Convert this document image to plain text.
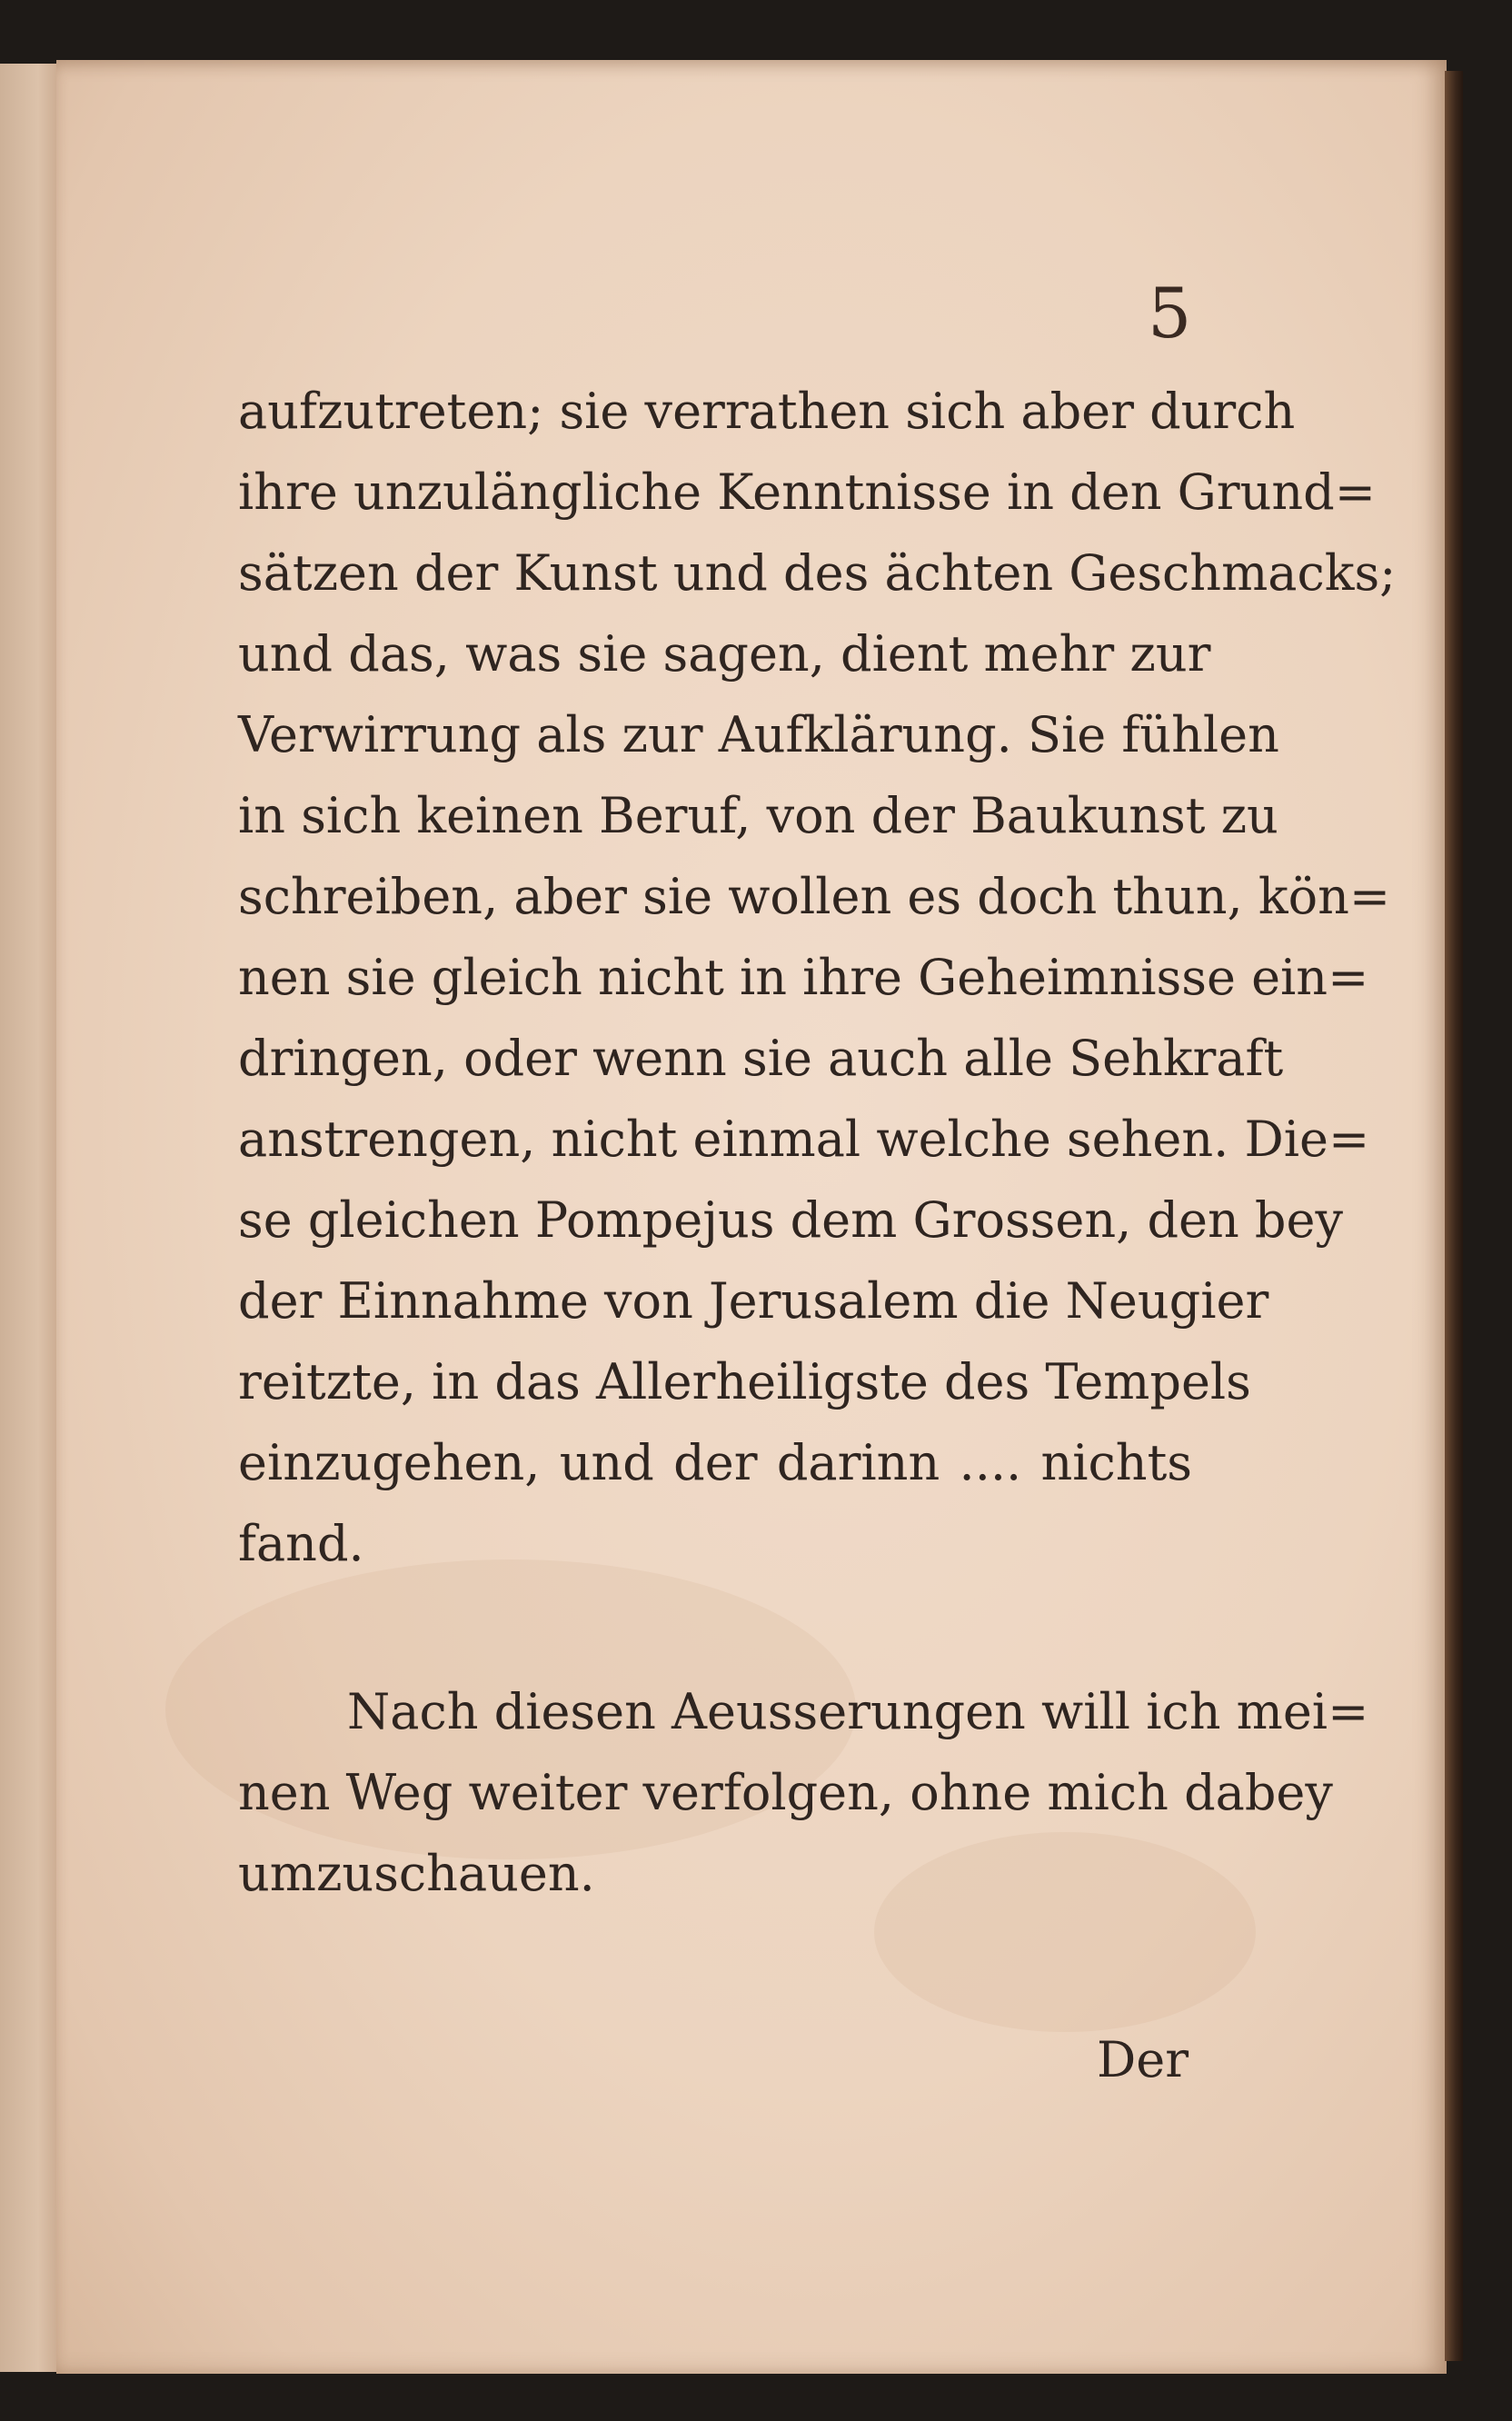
5
aufzutreten; sie verrathen sich aber durch
ihre unzulängliche Kenntnisse in den Grund=
sätzen der Kunst und des ächten Geschmacks;
und das, was sie sagen, dient mehr zur
Verwirrung als zur Aufklärung. Sie fühlen
in sich keinen Beruf, von der Baukunst zu
schreiben, aber sie wollen es doch thun, kön=
nen sie gleich nicht in ihre Geheimnisse ein=
dringen, oder wenn sie auch alle Sehkraft
anstrengen, nicht einmal welche sehen. Die=
se gleichen Pompejus dem Grossen, den bey
der Einnahme von Jerusalem die Neugier
reitzte, in das Allerheiligste des Tempels
einzugehen, und der darinn .... nichts
fand.
Nach diesen Aeusserungen will ich mei=
nen Weg weiter verfolgen, ohne mich dabey
umzuschauen.
Der
